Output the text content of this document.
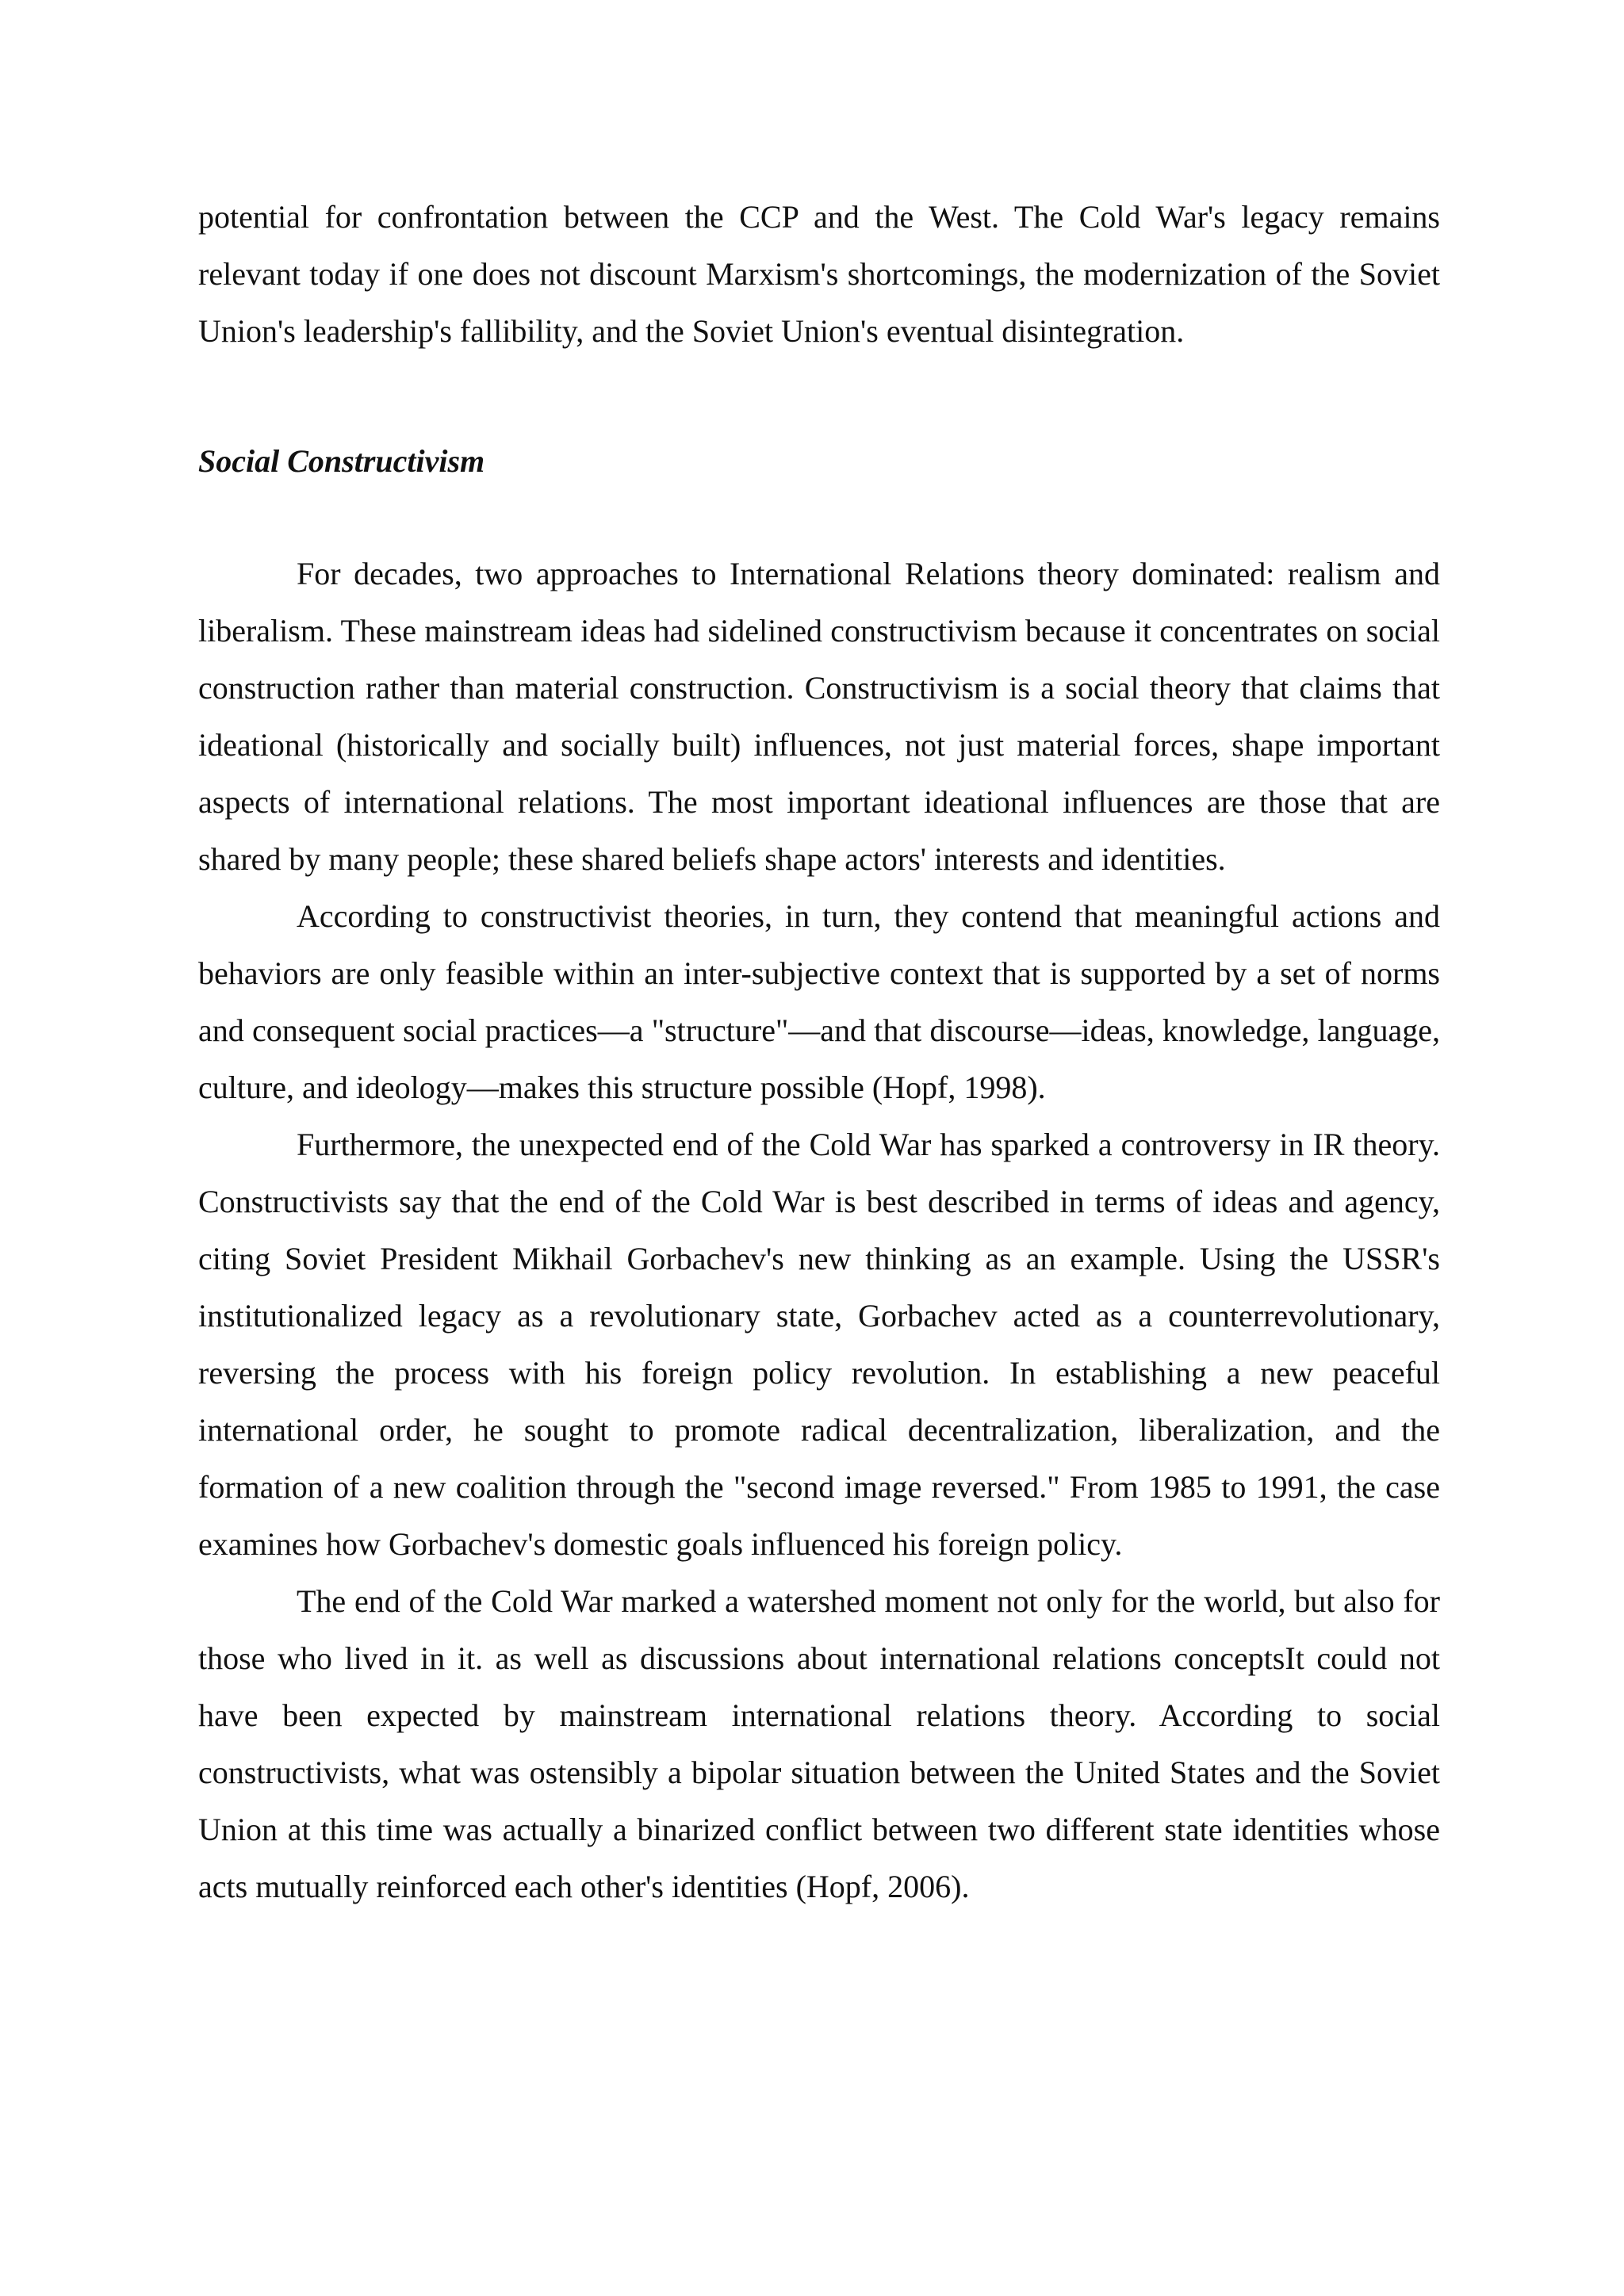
potential for confrontation between the CCP and the West. The Cold War's legacy remains relevant today if one does not discount Marxism's shortcomings, the modernization of the Soviet Union's leadership's fallibility, and the Soviet Union's eventual disintegration.

Social Constructivism

For decades, two approaches to International Relations theory dominated: realism and liberalism. These mainstream ideas had sidelined constructivism because it concentrates on social construction rather than material construction. Constructivism is a social theory that claims that ideational (historically and socially built) influences, not just material forces, shape important aspects of international relations. The most important ideational influences are those that are shared by many people; these shared beliefs shape actors' interests and identities.

According to constructivist theories, in turn, they contend that meaningful actions and behaviors are only feasible within an inter-subjective context that is supported by a set of norms and consequent social practices—a "structure"—and that discourse—ideas, knowledge, language, culture, and ideology—makes this structure possible (Hopf, 1998).

Furthermore, the unexpected end of the Cold War has sparked a controversy in IR theory. Constructivists say that the end of the Cold War is best described in terms of ideas and agency, citing Soviet President Mikhail Gorbachev's new thinking as an example. Using the USSR's institutionalized legacy as a revolutionary state, Gorbachev acted as a counterrevolutionary, reversing the process with his foreign policy revolution. In establishing a new peaceful international order, he sought to promote radical decentralization, liberalization, and the formation of a new coalition through the "second image reversed." From 1985 to 1991, the case examines how Gorbachev's domestic goals influenced his foreign policy.

The end of the Cold War marked a watershed moment not only for the world, but also for those who lived in it. as well as discussions about international relations conceptsIt could not have been expected by mainstream international relations theory. According to social constructivists, what was ostensibly a bipolar situation between the United States and the Soviet Union at this time was actually a binarized conflict between two different state identities whose acts mutually reinforced each other's identities (Hopf, 2006).
